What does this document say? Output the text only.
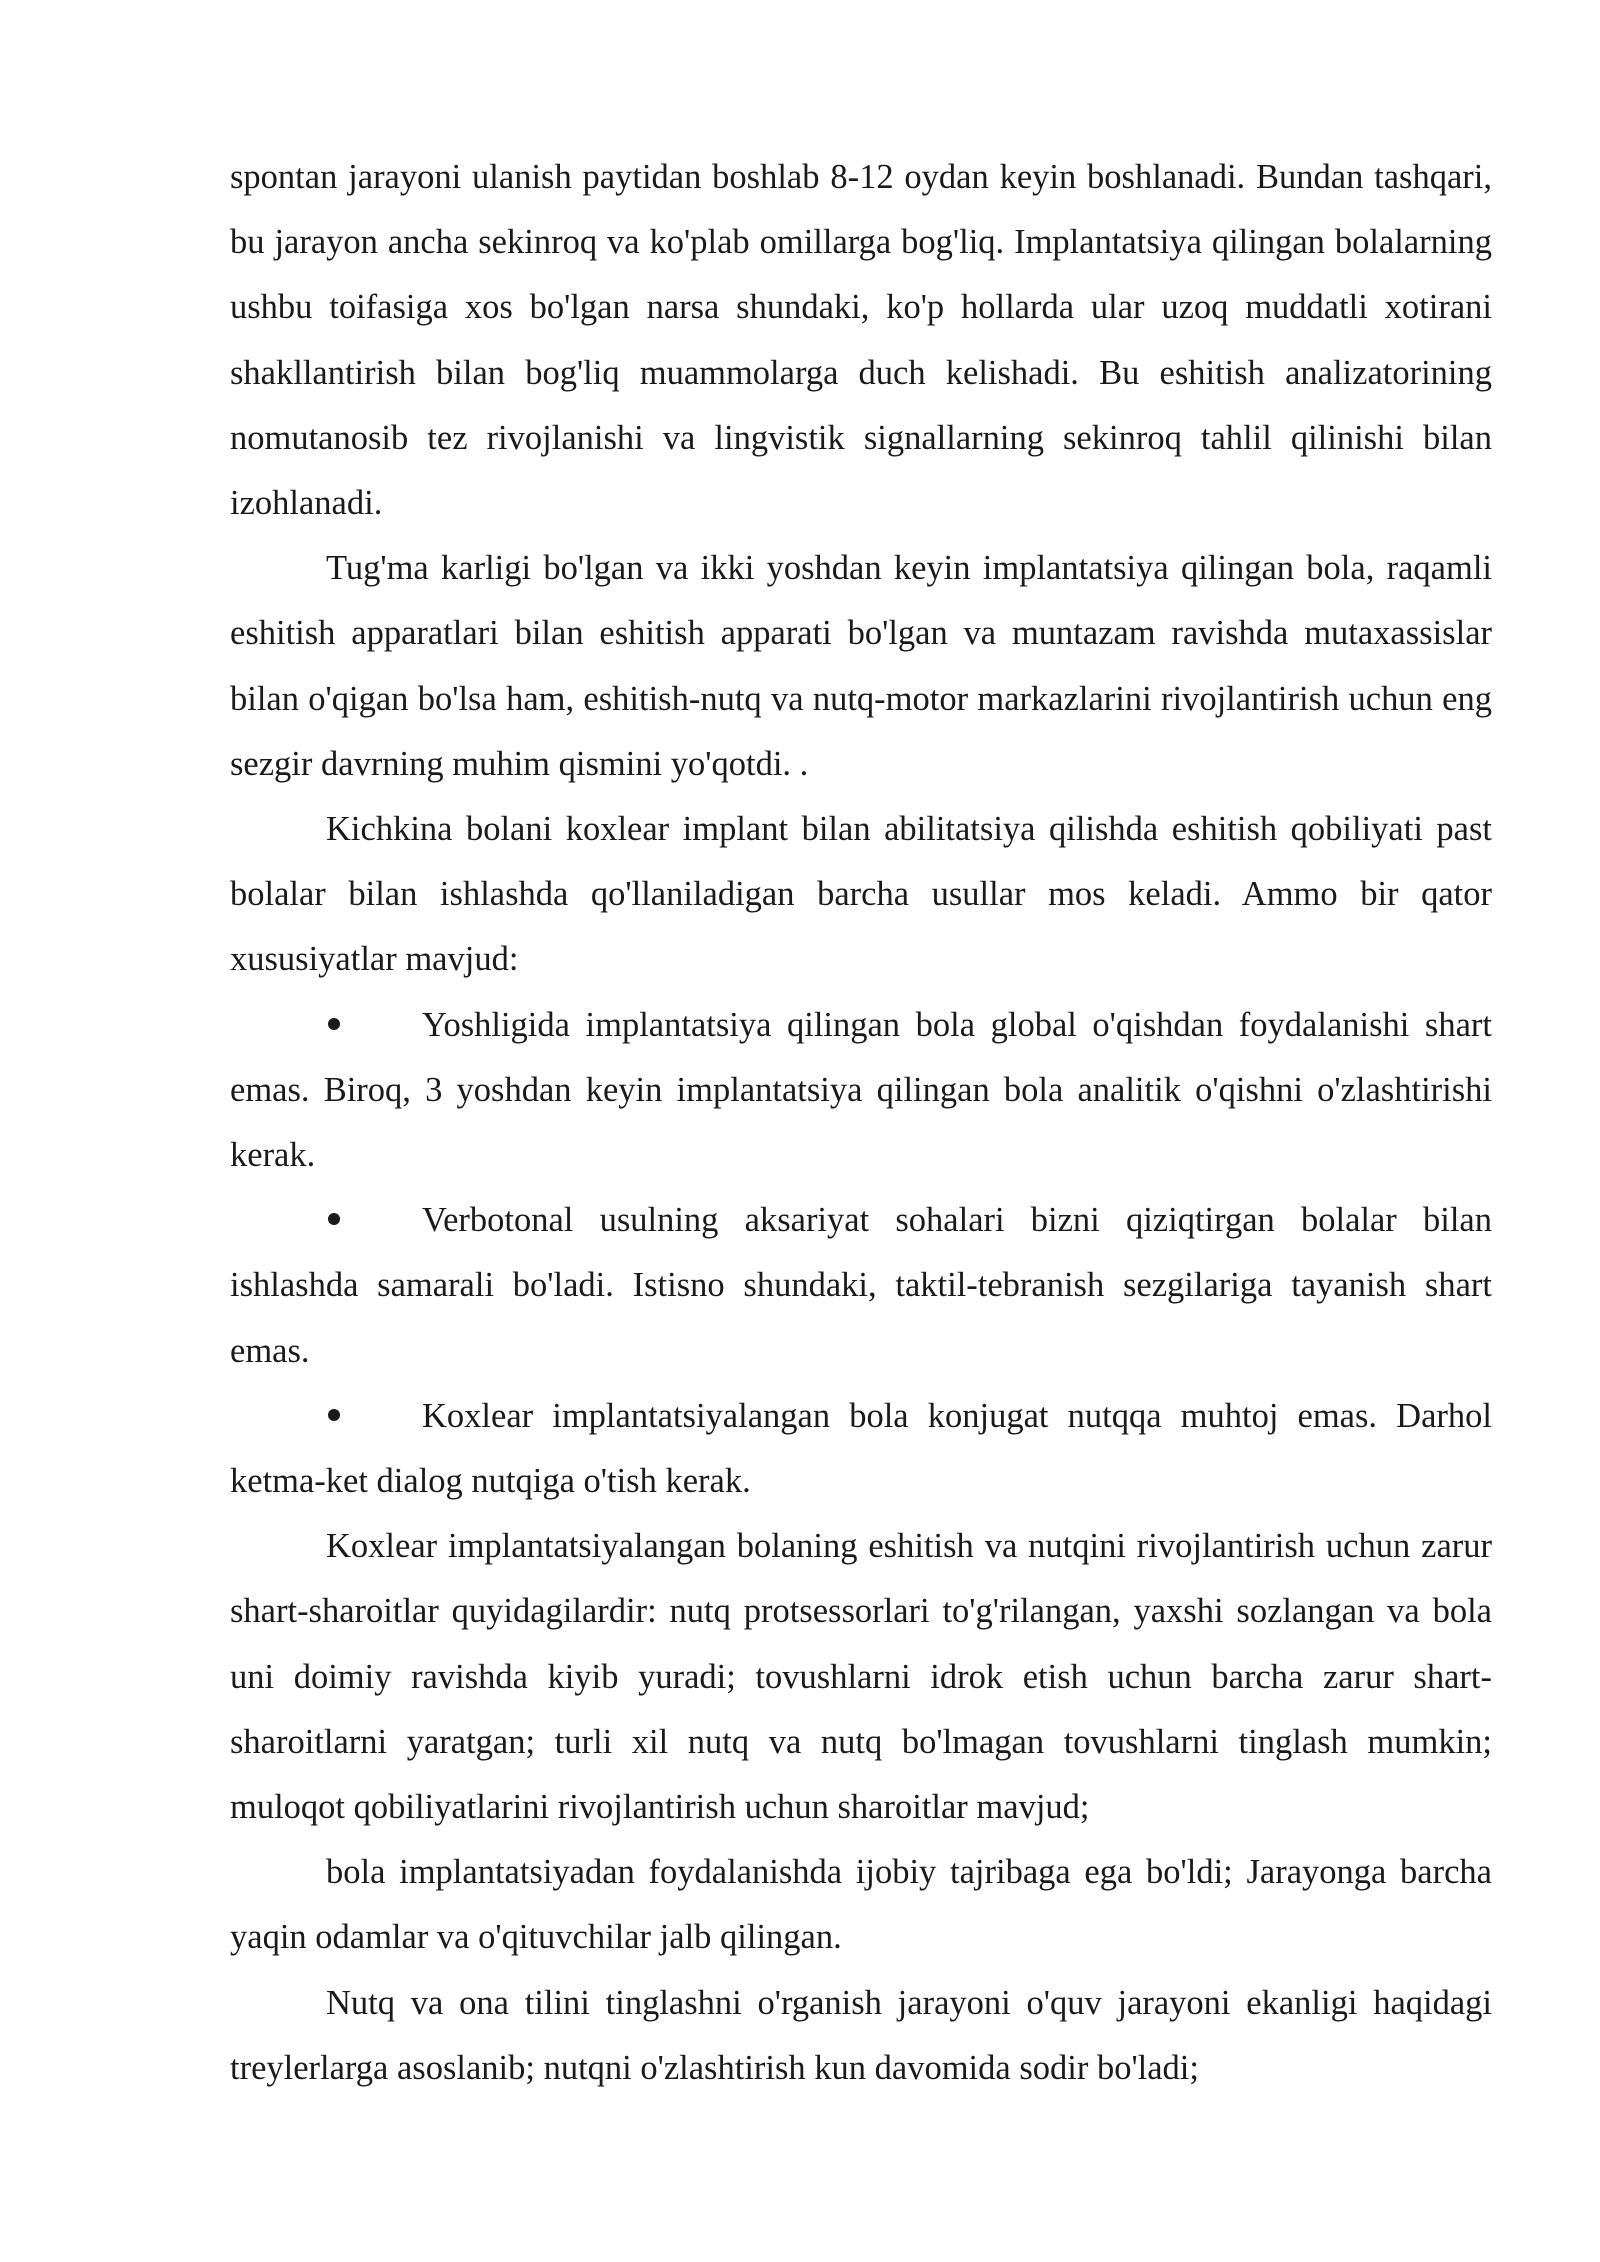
spontan jarayoni ulanish paytidan boshlab 8-12 oydan keyin boshlanadi. Bundan tashqari, bu jarayon ancha sekinroq va ko'plab omillarga bog'liq. Implantatsiya qilingan bolalarning ushbu toifasiga xos bo'lgan narsa shundaki, ko'p hollarda ular uzoq muddatli xotirani shakllantirish bilan bog'liq muammolarga duch kelishadi. Bu eshitish analizatorining nomutanosib tez rivojlanishi va lingvistik signallarning sekinroq tahlil qilinishi bilan izohlanadi.

Tug'ma karligi bo'lgan va ikki yoshdan keyin implantatsiya qilingan bola, raqamli eshitish apparatlari bilan eshitish apparati bo'lgan va muntazam ravishda mutaxassislar bilan o'qigan bo'lsa ham, eshitish-nutq va nutq-motor markazlarini rivojlantirish uchun eng sezgir davrning muhim qismini yo'qotdi. .

Kichkina bolani koxlear implant bilan abilitatsiya qilishda eshitish qobiliyati past bolalar bilan ishlashda qo'llaniladigan barcha usullar mos keladi. Ammo bir qator xususiyatlar mavjud:

Yoshligida implantatsiya qilingan bola global o'qishdan foydalanishi shart emas. Biroq, 3 yoshdan keyin implantatsiya qilingan bola analitik o'qishni o'zlashtirishi kerak.

Verbotonal usulning aksariyat sohalari bizni qiziqtirgan bolalar bilan ishlashda samarali bo'ladi. Istisno shundaki, taktil-tebranish sezgilariga tayanish shart emas.

Koxlear implantatsiyalangan bola konjugat nutqqa muhtoj emas. Darhol ketma-ket dialog nutqiga o'tish kerak.

Koxlear implantatsiyalangan bolaning eshitish va nutqini rivojlantirish uchun zarur shart-sharoitlar quyidagilardir: nutq protsessorlari to'g'rilangan, yaxshi sozlangan va bola uni doimiy ravishda kiyib yuradi; tovushlarni idrok etish uchun barcha zarur shart-sharoitlarni yaratgan; turli xil nutq va nutq bo'lmagan tovushlarni tinglash mumkin; muloqot qobiliyatlarini rivojlantirish uchun sharoitlar mavjud;

bola implantatsiyadan foydalanishda ijobiy tajribaga ega bo'ldi; Jarayonga barcha yaqin odamlar va o'qituvchilar jalb qilingan.

Nutq va ona tilini tinglashni o'rganish jarayoni o'quv jarayoni ekanligi haqidagi treylerlarga asoslanib; nutqni o'zlashtirish kun davomida sodir bo'ladi;
